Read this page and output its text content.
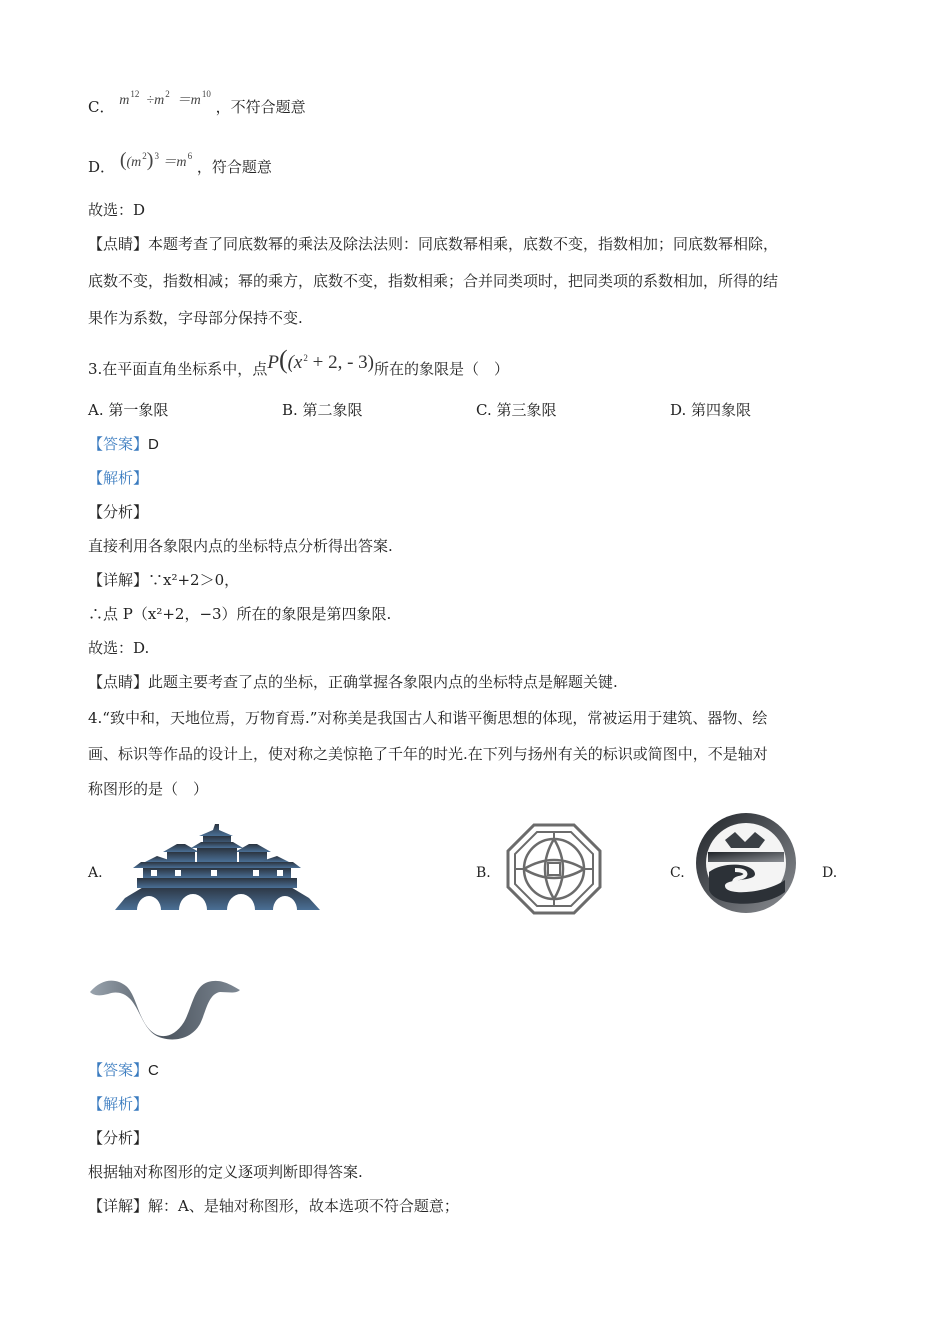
C． $m^{12} \div m^2 =m^{10}$ ，不符合题意
D． ($(m^2)^3 =m^6$ ，符合题意
故选：D
【点睛】本题考查了同底数幂的乘法及除法法则：同底数幂相乘，底数不变，指数相加；同底数幂相除，
底数不变，指数相减；幂的乘方，底数不变，指数相乘；合并同类项时，把同类项的系数相加，所得的结
果作为系数，字母部分保持不变.
3.在平面直角坐标系中，点$P((x^2 + 2$, - 3)所在的象限是（　）
A. 第一象限	B. 第二象限	C. 第三象限	D. 第四象限
【答案】D
【解析】
【分析】
直接利用各象限内点的坐标特点分析得出答案.
【详解】∵x²+2＞0，
∴点 P（x²+2，−3）所在的象限是第四象限.
故选：D.
【点睛】此题主要考查了点的坐标，正确掌握各象限内点的坐标特点是解题关键.
4.“致中和，天地位焉，万物育焉.”对称美是我国古人和谐平衡思想的体现，常被运用于建筑、器物、绘
画、标识等作品的设计上，使对称之美惊艳了千年的时光.在下列与扬州有关的标识或简图中，不是轴对
称图形的是（　）
A.	B.	C.	D.
【答案】C
【解析】
【分析】
根据轴对称图形的定义逐项判断即得答案.
【详解】解：A、是轴对称图形，故本选项不符合题意；
